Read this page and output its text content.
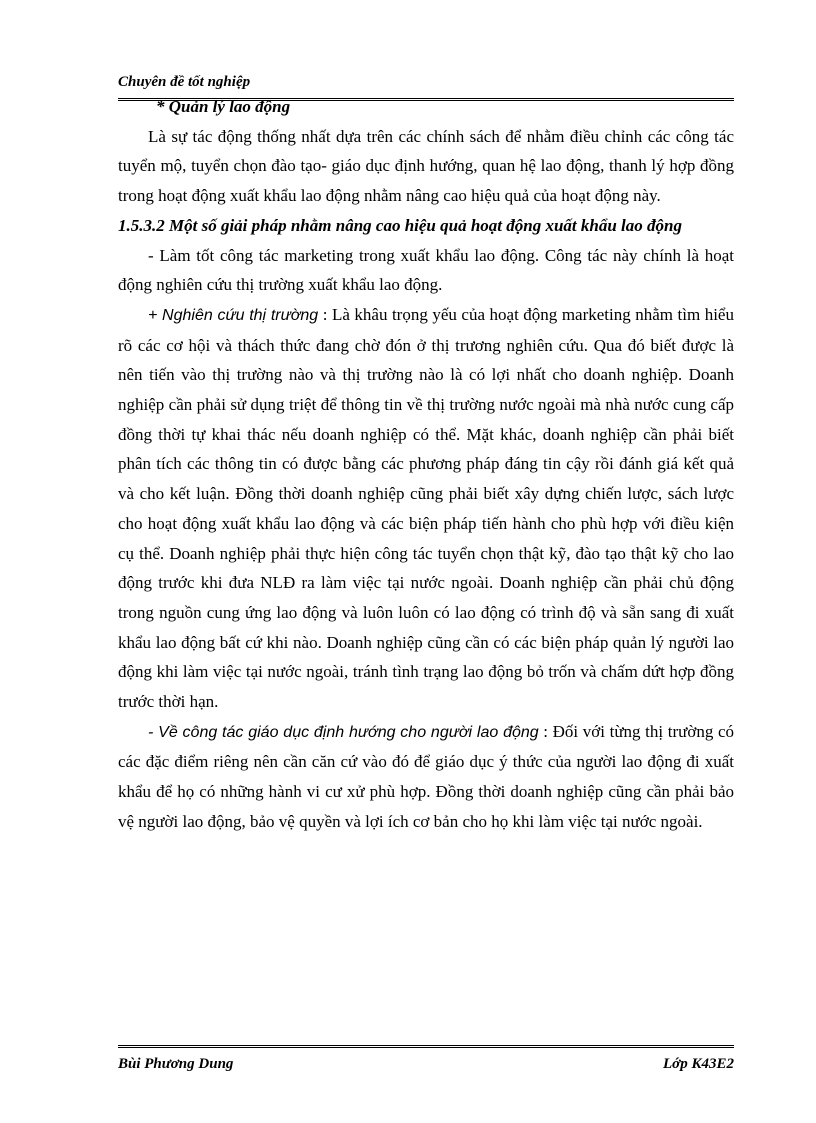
Chuyên đề tốt nghiệp

* Quản lý lao động

Là sự tác động thống nhất dựa trên các chính sách để nhằm điều chỉnh các công tác tuyển mộ, tuyển chọn đào tạo- giáo dục định hướng, quan hệ lao động, thanh lý hợp đồng trong hoạt động xuất khẩu lao động nhằm nâng cao hiệu quả của hoạt động này.

1.5.3.2 Một số giải pháp nhằm nâng cao hiệu quả hoạt động xuất khẩu lao động

- Làm tốt công tác marketing trong xuất khẩu lao động. Công tác này chính là hoạt động nghiên cứu thị trường xuất khẩu lao động.

+ Nghiên cứu thị trường : Là khâu trọng yếu của hoạt động marketing nhằm tìm hiểu rõ các cơ hội và thách thức đang chờ đón ở thị trương nghiên cứu. Qua đó biết được là nên tiến vào thị trường nào và thị trường nào là có lợi nhất cho doanh nghiệp. Doanh nghiệp cần phải sử dụng triệt để thông tin về thị trường nước ngoài mà nhà nước cung cấp đồng thời tự khai thác nếu doanh nghiệp có thể. Mặt khác, doanh nghiệp cần phải biết phân tích các thông tin có được bằng các phương pháp đáng tin cậy rồi đánh giá kết quả và cho kết luận. Đồng thời doanh nghiệp cũng phải biết xây dựng chiến lược, sách lược cho hoạt động xuất khẩu lao động và các biện pháp tiến hành cho phù hợp với điều kiện cụ thể. Doanh nghiệp phải thực hiện công tác tuyển chọn thật kỹ, đào tạo thật kỹ cho lao động trước khi đưa NLĐ ra làm việc tại nước ngoài. Doanh nghiệp cần phải chủ động trong nguồn cung ứng lao động và luôn luôn có lao động có trình độ và sẵn sang đi xuất khẩu lao động bất cứ khi nào. Doanh nghiệp cũng cần có các biện pháp quản lý người lao động khi làm việc tại nước ngoài, tránh tình trạng lao động bỏ trốn và chấm dứt hợp đồng trước thời hạn.

- Về công tác giáo dục định hướng cho người lao động : Đối với từng thị trường có các đặc điểm riêng nên cần căn cứ vào đó để giáo dục ý thức của người lao động đi xuất khẩu để họ có những hành vi cư xử phù hợp. Đồng thời doanh nghiệp cũng cần phải bảo vệ người lao động, bảo vệ quyền và lợi ích cơ bản cho họ khi làm việc tại nước ngoài.

Bùi Phương Dung	Lớp K43E2
